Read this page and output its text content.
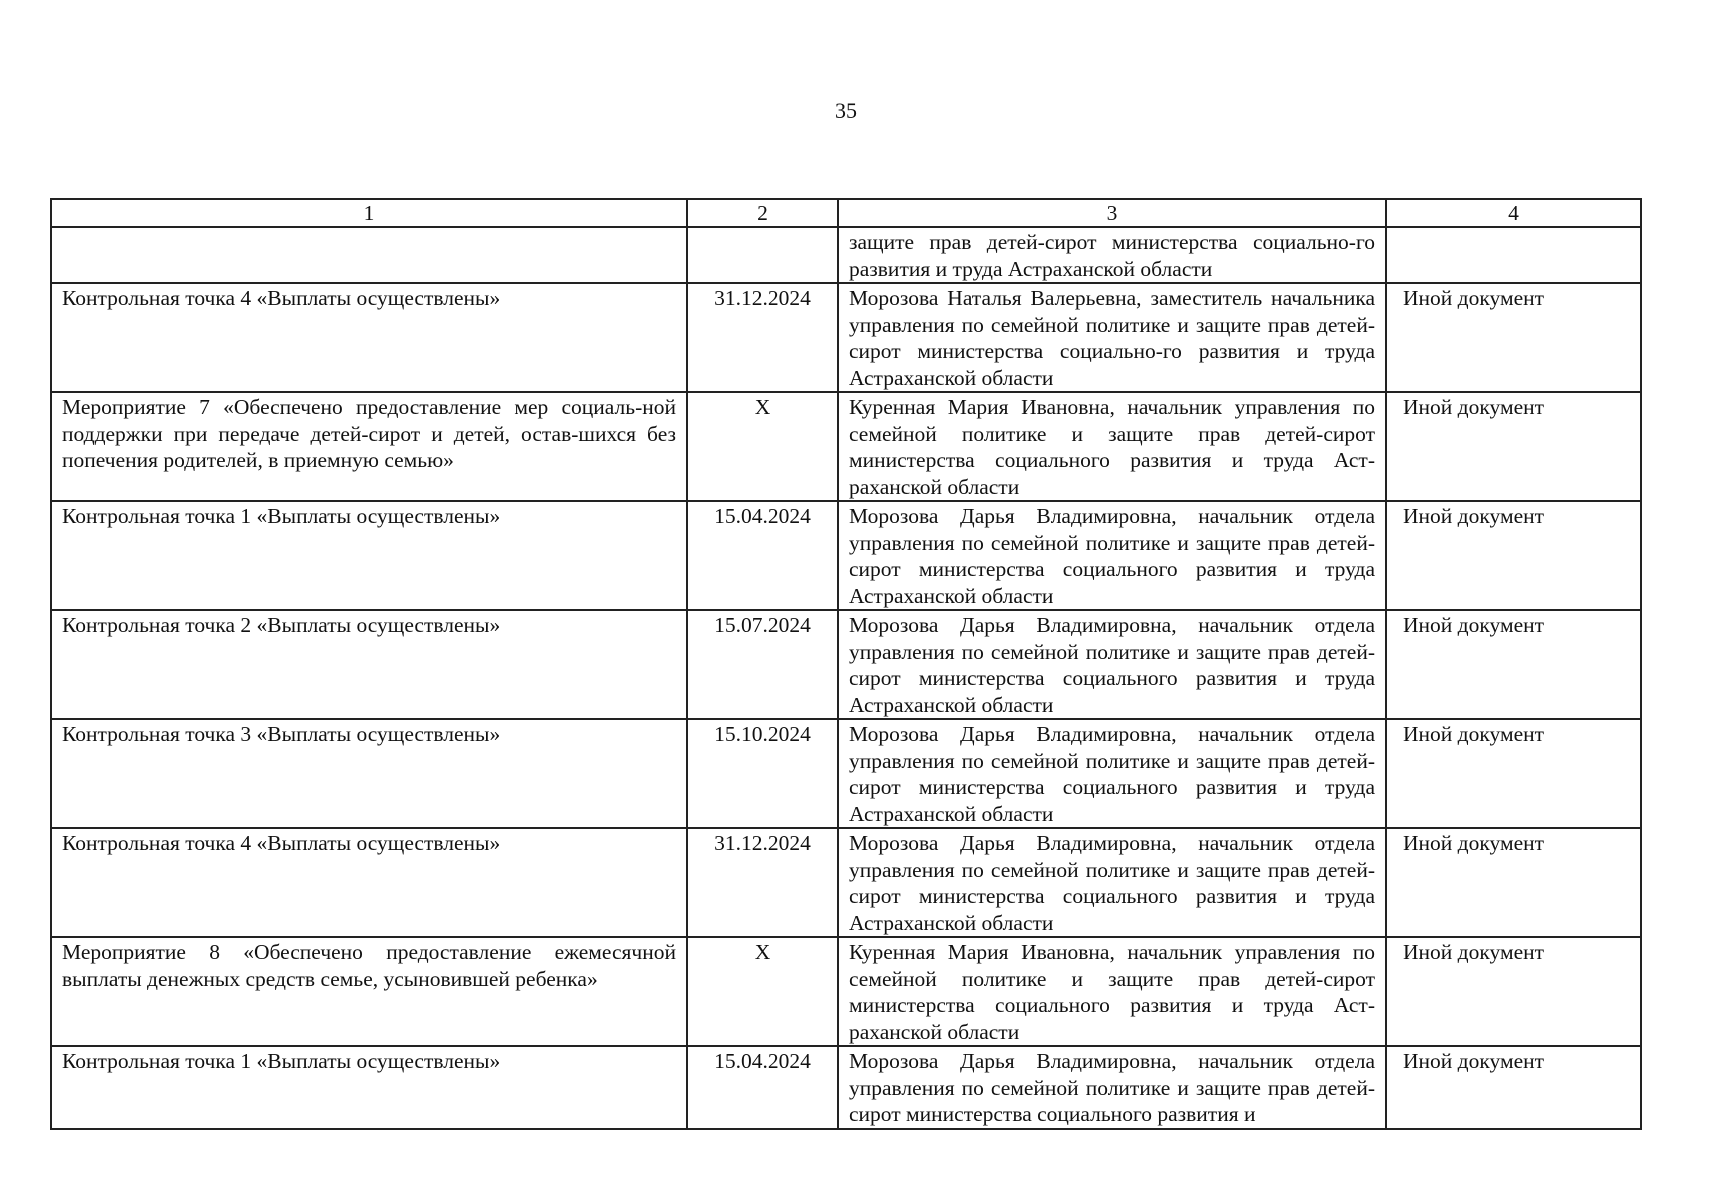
35
1	2	3	4
		защите прав детей-сирот министерства социально-го развития и труда Астраханской области	
Контрольная точка 4 «Выплаты осуществлены»	31.12.2024	Морозова Наталья Валерьевна, заместитель начальника управления по семейной политике и защите прав детей-сирот министерства социально-го развития и труда Астраханской области	Иной документ
Мероприятие 7 «Обеспечено предоставление мер социаль-ной поддержки при передаче детей-сирот и детей, остав-шихся без попечения родителей, в приемную семью»	X	Куренная Мария Ивановна, начальник управления по семейной политике и защите прав детей-сирот министерства социального развития и труда Аст-раханской области	Иной документ
Контрольная точка 1 «Выплаты осуществлены»	15.04.2024	Морозова Дарья Владимировна, начальник отдела управления по семейной политике и защите прав детей-сирот министерства социального развития и труда Астраханской области	Иной документ
Контрольная точка 2 «Выплаты осуществлены»	15.07.2024	Морозова Дарья Владимировна, начальник отдела управления по семейной политике и защите прав детей-сирот министерства социального развития и труда Астраханской области	Иной документ
Контрольная точка 3 «Выплаты осуществлены»	15.10.2024	Морозова Дарья Владимировна, начальник отдела управления по семейной политике и защите прав детей-сирот министерства социального развития и труда Астраханской области	Иной документ
Контрольная точка 4 «Выплаты осуществлены»	31.12.2024	Морозова Дарья Владимировна, начальник отдела управления по семейной политике и защите прав детей-сирот министерства социального развития и труда Астраханской области	Иной документ
Мероприятие 8 «Обеспечено предоставление ежемесячной выплаты денежных средств семье, усыновившей ребенка»	X	Куренная Мария Ивановна, начальник управления по семейной политике и защите прав детей-сирот министерства социального развития и труда Аст-раханской области	Иной документ
Контрольная точка 1 «Выплаты осуществлены»	15.04.2024	Морозова Дарья Владимировна, начальник отдела управления по семейной политике и защите прав детей-сирот министерства социального развития и	Иной документ
